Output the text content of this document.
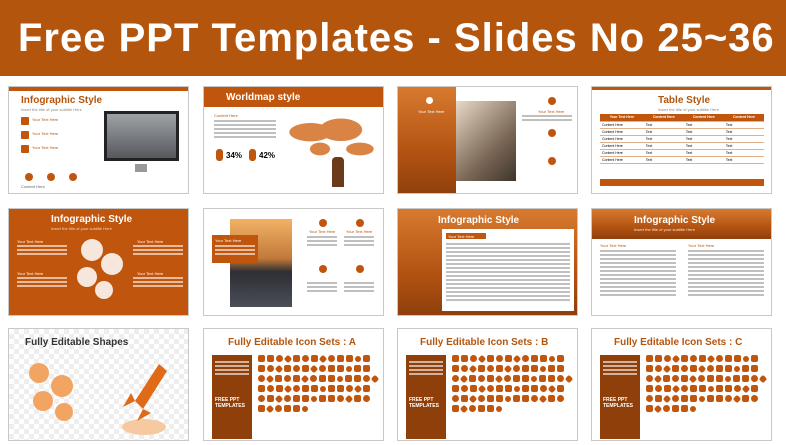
Free PPT Templates - Slides No 25~36
Infographic Style
Insert the title of your subtitle Here
Your Text Here
Your Text Here
Your Text Here
Content Here
Worldmap style
Content Here
34% 42%
Your Text Here	Your Text Here
Table Style
Insert the title of your subtitle Here
Your Text Here	Content Here	Content Here	Content Here
Content Here	Text	Text	Text
Content Here	Text	Text	Text
Content Here	Text	Text	Text
Content Here	Text	Text	Text
Content Here	Text	Text	Text
Content Here	Text	Text	Text
Infographic Style
Insert the title of your subtitle Here
Your Text Here
Your Text Here
Your Text Here
Your Text Here
Your Text Here
Your Text Here	Your Text Here
Infographic Style
Your Text Here
Infographic Style
Insert the title of your subtitle Here
Your Text Here	Your Text Here
Fully Editable Shapes	Fully Editable Icon Sets : A
FREE PPT TEMPLATES
Fully Editable Icon Sets : B
FREE PPT TEMPLATES
Fully Editable Icon Sets : C
FREE PPT TEMPLATES
